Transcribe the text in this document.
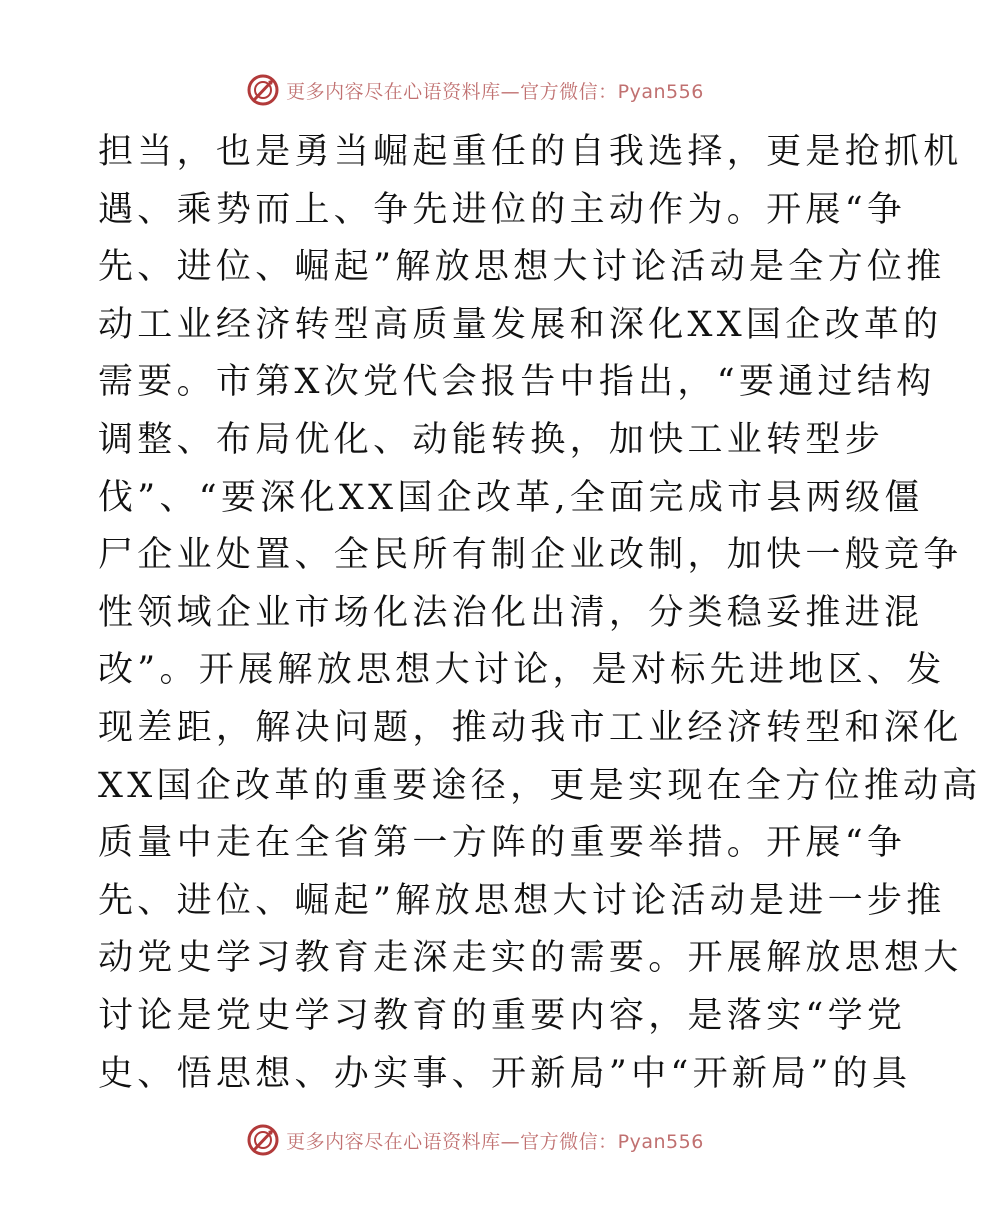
更多内容尽在心语资料库—官方微信：Pyan556
担当，也是勇当崛起重任的自我选择，更是抢抓机
遇、乘势而上、争先进位的主动作为。开展“争
先、进位、崛起”解放思想大讨论活动是全方位推
动工业经济转型高质量发展和深化XX国企改革的
需要。市第X次党代会报告中指出，“要通过结构
调整、布局优化、动能转换，加快工业转型步
伐”、“要深化XX国企改革,全面完成市县两级僵
尸企业处置、全民所有制企业改制，加快一般竞争
性领域企业市场化法治化出清，分类稳妥推进混
改”。开展解放思想大讨论，是对标先进地区、发
现差距，解决问题，推动我市工业经济转型和深化
XX国企改革的重要途径，更是实现在全方位推动高
质量中走在全省第一方阵的重要举措。开展“争
先、进位、崛起”解放思想大讨论活动是进一步推
动党史学习教育走深走实的需要。开展解放思想大
讨论是党史学习教育的重要内容，是落实“学党
史、悟思想、办实事、开新局”中“开新局”的具
更多内容尽在心语资料库—官方微信：Pyan556
